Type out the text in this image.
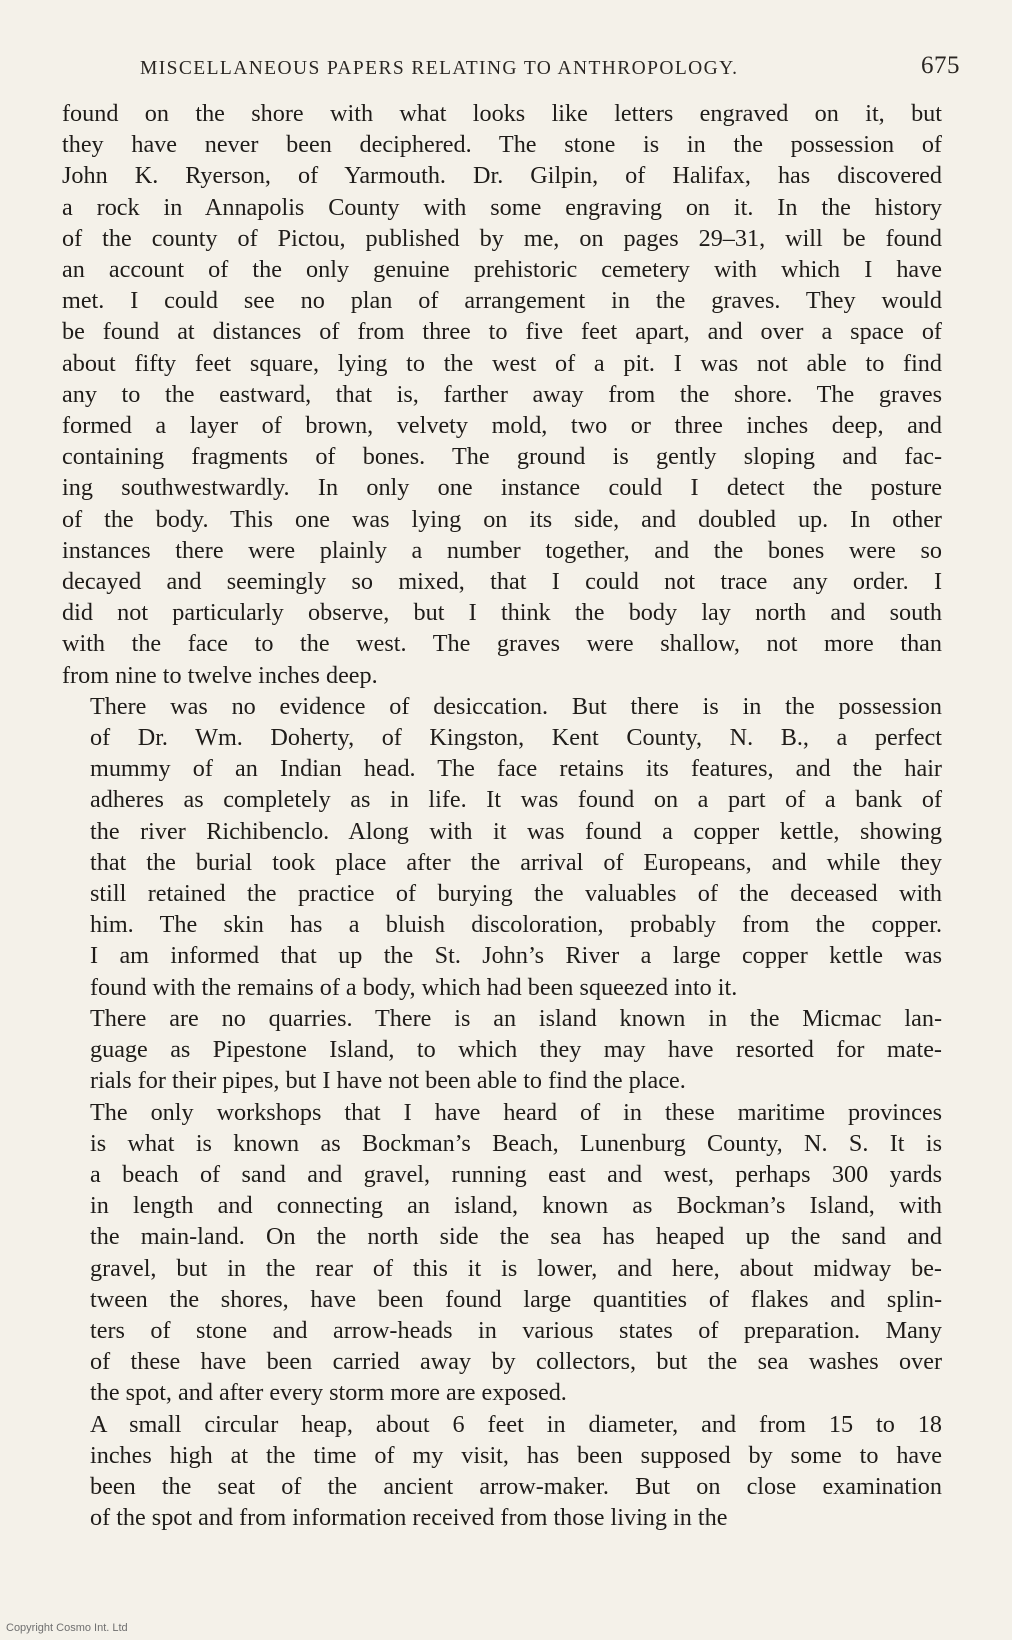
MISCELLANEOUS PAPERS RELATING TO ANTHROPOLOGY.	675

found on the shore with what looks like letters engraved on it, but
they have never been deciphered. The stone is in the possession of
John K. Ryerson, of Yarmouth. Dr. Gilpin, of Halifax, has discovered
a rock in Annapolis County with some engraving on it. In the history
of the county of Pictou, published by me, on pages 29–31, will be found
an account of the only genuine prehistoric cemetery with which I have
met. I could see no plan of arrangement in the graves. They would
be found at distances of from three to five feet apart, and over a space of
about fifty feet square, lying to the west of a pit. I was not able to find
any to the eastward, that is, farther away from the shore. The graves
formed a layer of brown, velvety mold, two or three inches deep, and
containing fragments of bones. The ground is gently sloping and fac-
ing southwestwardly. In only one instance could I detect the posture
of the body. This one was lying on its side, and doubled up. In other
instances there were plainly a number together, and the bones were so
decayed and seemingly so mixed, that I could not trace any order. I
did not particularly observe, but I think the body lay north and south
with the face to the west. The graves were shallow, not more than
from nine to twelve inches deep.

There was no evidence of desiccation. But there is in the possession
of Dr. Wm. Doherty, of Kingston, Kent County, N. B., a perfect
mummy of an Indian head. The face retains its features, and the hair
adheres as completely as in life. It was found on a part of a bank of
the river Richibenclo. Along with it was found a copper kettle, showing
that the burial took place after the arrival of Europeans, and while they
still retained the practice of burying the valuables of the deceased with
him. The skin has a bluish discoloration, probably from the copper.
I am informed that up the St. John’s River a large copper kettle was
found with the remains of a body, which had been squeezed into it.

There are no quarries. There is an island known in the Micmac lan-
guage as Pipestone Island, to which they may have resorted for mate-
rials for their pipes, but I have not been able to find the place.

The only workshops that I have heard of in these maritime provinces
is what is known as Bockman’s Beach, Lunenburg County, N. S. It is
a beach of sand and gravel, running east and west, perhaps 300 yards
in length and connecting an island, known as Bockman’s Island, with
the main-land. On the north side the sea has heaped up the sand and
gravel, but in the rear of this it is lower, and here, about midway be-
tween the shores, have been found large quantities of flakes and splin-
ters of stone and arrow-heads in various states of preparation. Many
of these have been carried away by collectors, but the sea washes over
the spot, and after every storm more are exposed.

A small circular heap, about 6 feet in diameter, and from 15 to 18
inches high at the time of my visit, has been supposed by some to have
been the seat of the ancient arrow-maker. But on close examination
of the spot and from information received from those living in the

Copyright Cosmo Int. Ltd
